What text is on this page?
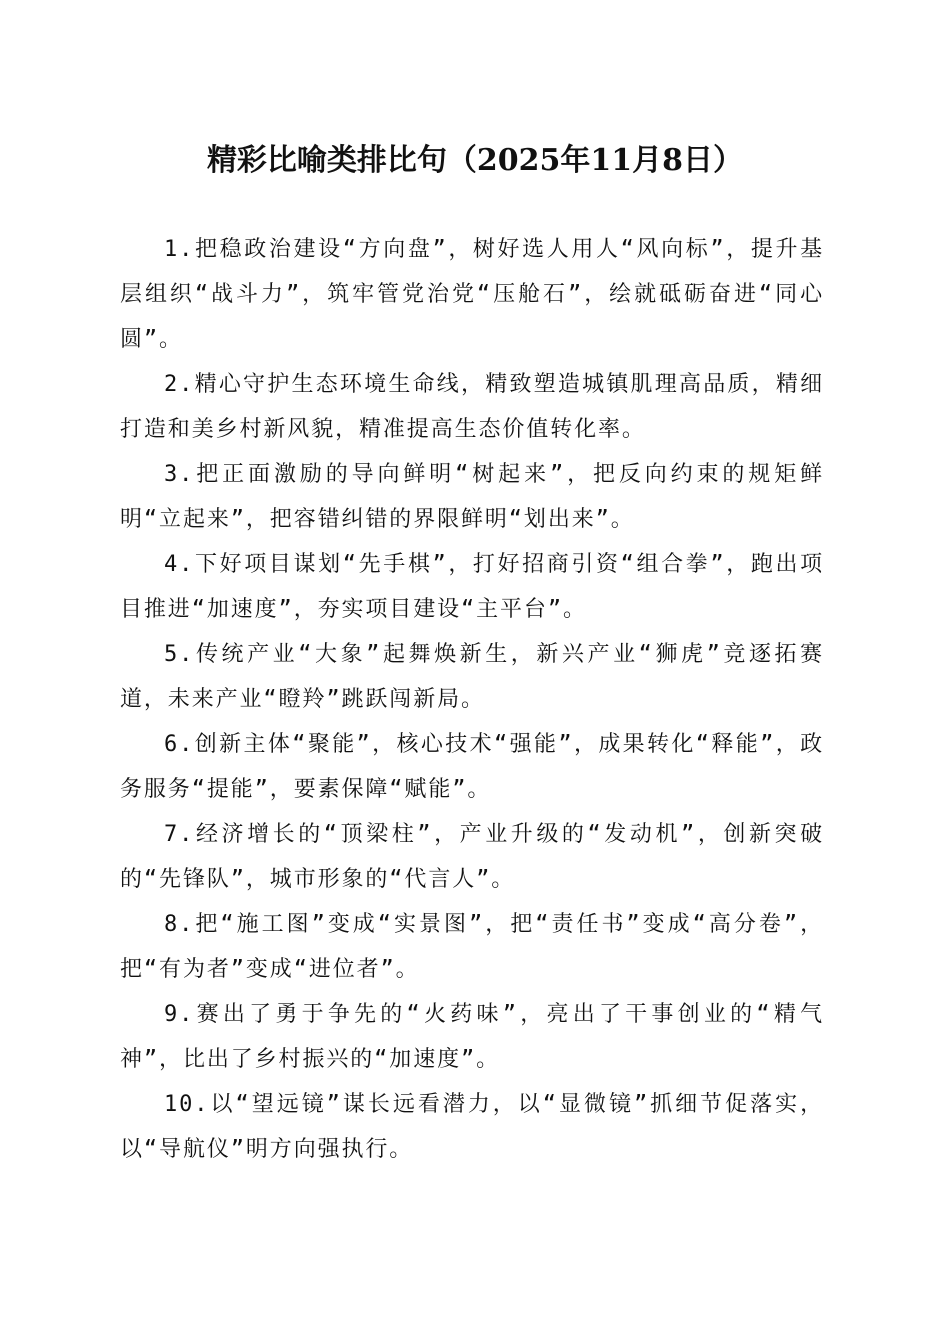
精彩比喻类排比句（2025年11月8日）

1.把稳政治建设“方向盘”，树好选人用人“风向标”，提升基层组织“战斗力”，筑牢管党治党“压舱石”，绘就砥砺奋进“同心圆”。

2.精心守护生态环境生命线，精致塑造城镇肌理高品质，精细打造和美乡村新风貌，精准提高生态价值转化率。

3.把正面激励的导向鲜明“树起来”，把反向约束的规矩鲜明“立起来”，把容错纠错的界限鲜明“划出来”。

4.下好项目谋划“先手棋”，打好招商引资“组合拳”，跑出项目推进“加速度”，夯实项目建设“主平台”。

5.传统产业“大象”起舞焕新生，新兴产业“狮虎”竞逐拓赛道，未来产业“瞪羚”跳跃闯新局。

6.创新主体“聚能”，核心技术“强能”，成果转化“释能”，政务服务“提能”，要素保障“赋能”。

7.经济增长的“顶梁柱”，产业升级的“发动机”，创新突破的“先锋队”，城市形象的“代言人”。

8.把“施工图”变成“实景图”，把“责任书”变成“高分卷”，把“有为者”变成“进位者”。

9.赛出了勇于争先的“火药味”，亮出了干事创业的“精气神”，比出了乡村振兴的“加速度”。

10.以“望远镜”谋长远看潜力，以“显微镜”抓细节促落实，以“导航仪”明方向强执行。
